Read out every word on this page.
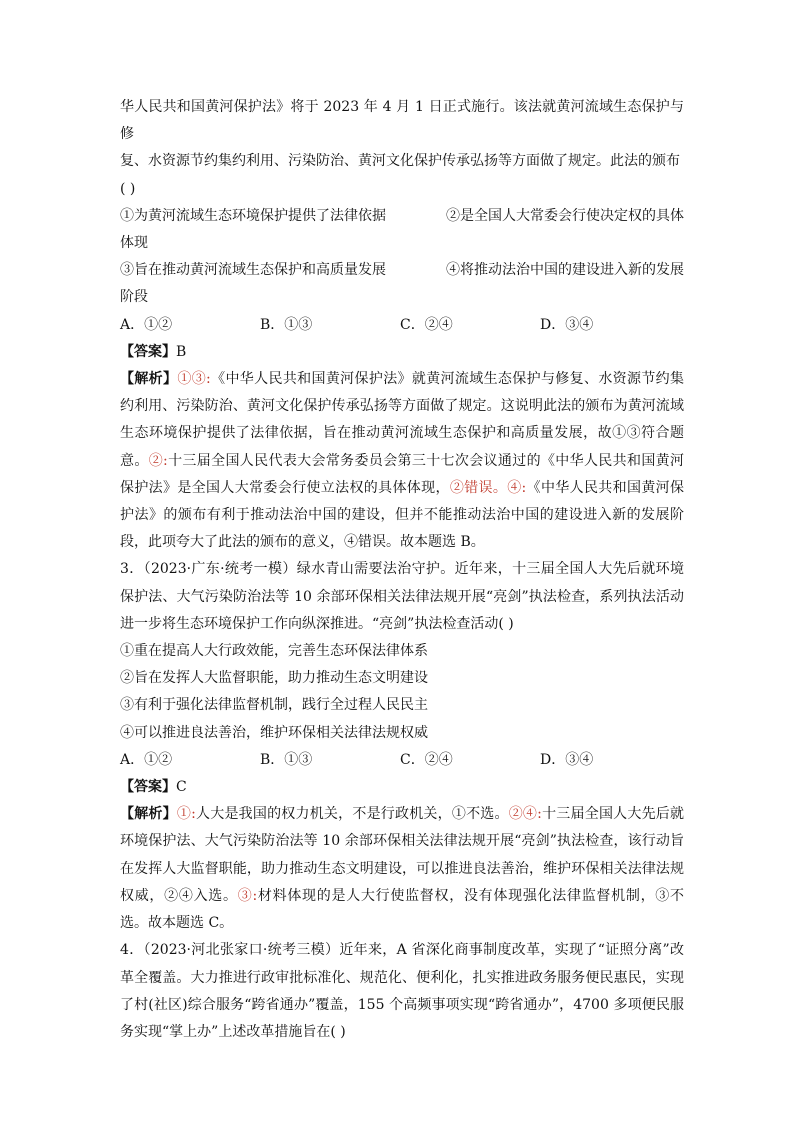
华人民共和国黄河保护法》将于 2023 年 4 月 1 日正式施行。该法就黄河流域生态保护与修

复、水资源节约集约利用、污染防治、黄河文化保护传承弘扬等方面做了规定。此法的颁布

( )

①为黄河流域生态环境保护提供了法律依据	②是全国人大常委会行使决定权的具体

体现

③旨在推动黄河流域生态保护和高质量发展	④将推动法治中国的建设进入新的发展

阶段

A．①②	B．①③	C．②④	D．③④

【答案】B

【解析】①③:《中华人民共和国黄河保护法》就黄河流域生态保护与修复、水资源节约集约利用、污染防治、黄河文化保护传承弘扬等方面做了规定。这说明此法的颁布为黄河流域生态环境保护提供了法律依据，旨在推动黄河流域生态保护和高质量发展，故①③符合题意。②:十三届全国人民代表大会常务委员会第三十七次会议通过的《中华人民共和国黄河保护法》是全国人大常委会行使立法权的具体体现，②错误。④:《中华人民共和国黄河保护法》的颁布有利于推动法治中国的建设，但并不能推动法治中国的建设进入新的发展阶段，此项夸大了此法的颁布的意义，④错误。故本题选 B。

3．（2023·广东·统考一模）绿水青山需要法治守护。近年来，十三届全国人大先后就环境保护法、大气污染防治法等 10 余部环保相关法律法规开展“亮剑”执法检查，系列执法活动进一步将生态环境保护工作向纵深推进。“亮剑”执法检查活动( )

①重在提高人大行政效能，完善生态环保法律体系

②旨在发挥人大监督职能，助力推动生态文明建设

③有利于强化法律监督机制，践行全过程人民民主

④可以推进良法善治，维护环保相关法律法规权威

A．①②	B．①③	C．②④	D．③④

【答案】C

【解析】①:人大是我国的权力机关，不是行政机关，①不选。②④:十三届全国人大先后就环境保护法、大气污染防治法等 10 余部环保相关法律法规开展“亮剑”执法检查，该行动旨在发挥人大监督职能，助力推动生态文明建设，可以推进良法善治，维护环保相关法律法规权威，②④入选。③:材料体现的是人大行使监督权，没有体现强化法律监督机制，③不选。故本题选 C。

4．（2023·河北张家口·统考三模）近年来，A 省深化商事制度改革，实现了“证照分离”改革全覆盖。大力推进行政审批标准化、规范化、便利化，扎实推进政务服务便民惠民，实现了村(社区)综合服务“跨省通办”覆盖，155 个高频事项实现“跨省通办”，4700 多项便民服务实现“掌上办”上述改革措施旨在( )
